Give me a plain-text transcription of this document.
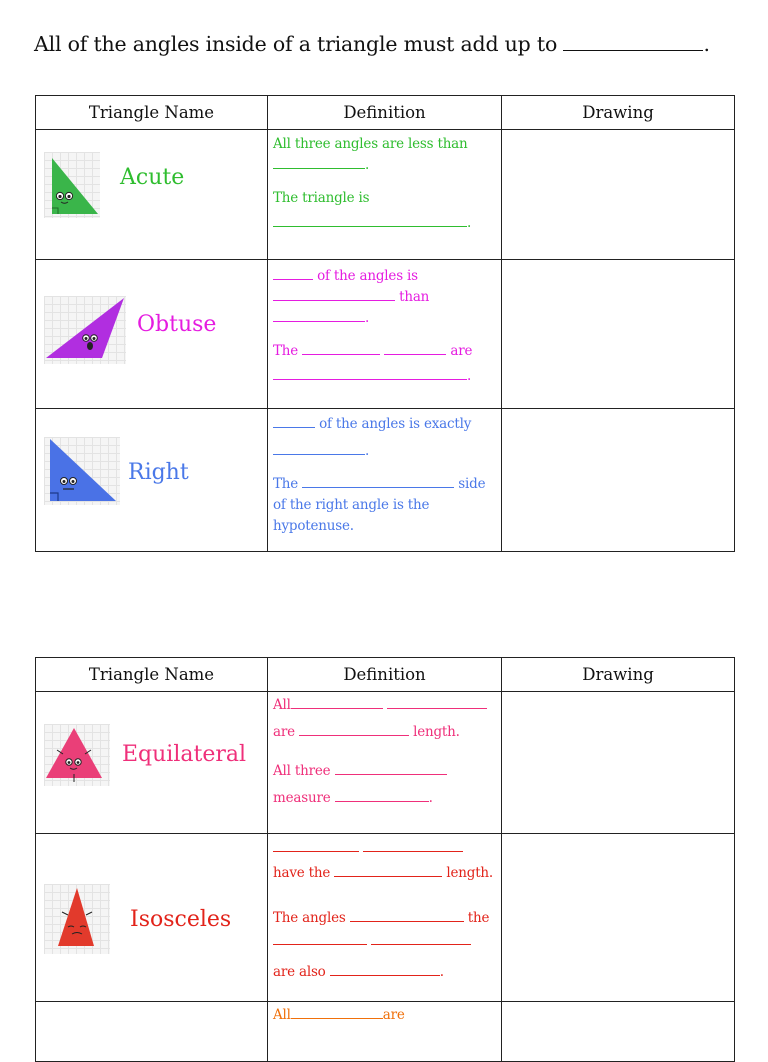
All of the angles inside of a triangle must add up to	.
Triangle Name	Definition	Drawing

Acute	All three angles are less than
.
The triangle is
.	

Obtuse	of the angles is
than
.
The are
.	

Right	of the angles is exactly
.
The side
of the right angle is the
hypotenuse.	

Triangle Name	Definition	Drawing

Equilateral	All
are length.
All three
measure .	

Isosceles	have the length.
The angles the

are also .	

	All are	
